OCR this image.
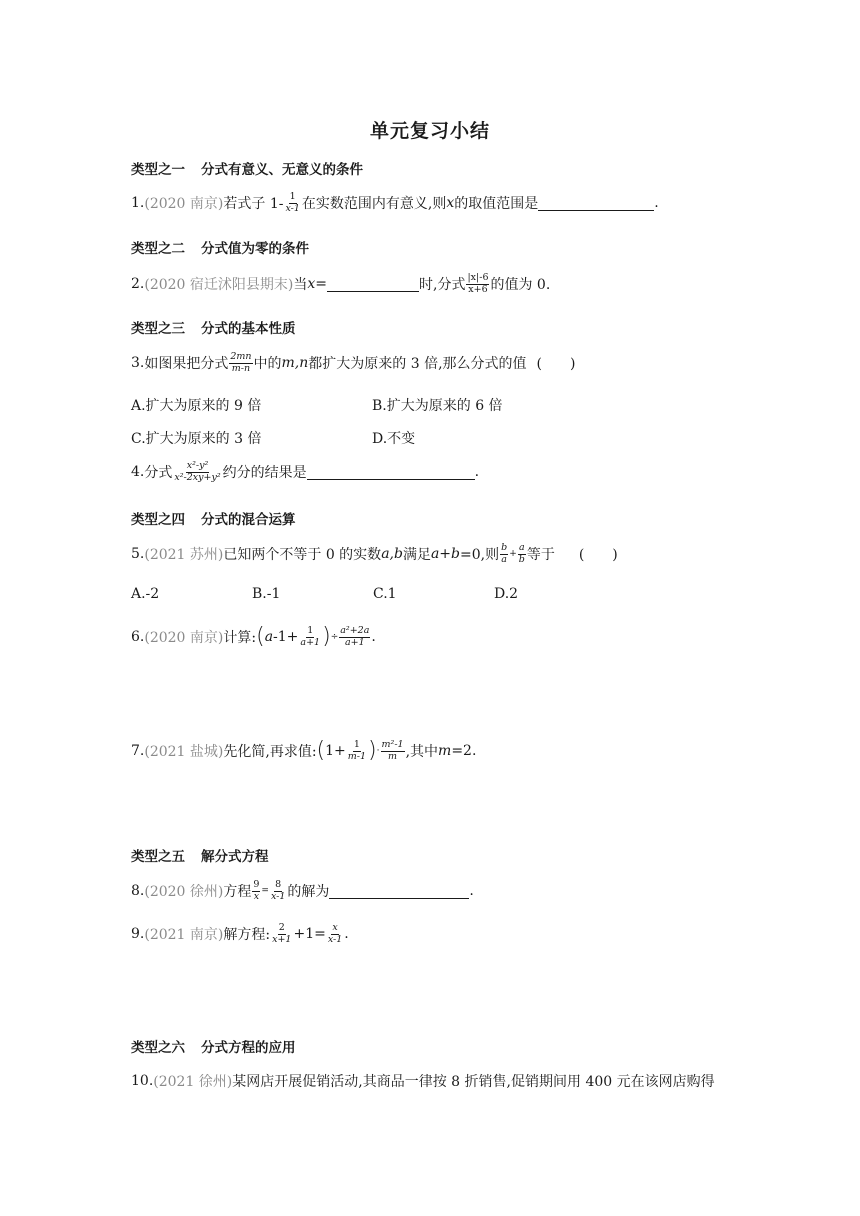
单元复习小结
类型之一 分式有意义、无意义的条件
1. (2020 南京) 若式子 $1- \frac{1}{x-1}$ 在实数范围内有意义,则 x 的取值范围是	.
类型之二 分式值为零的条件
2. (2020 宿迁沭阳县期末) 当 x =	时,分式 $\frac{|x|-6}{x+6}$ 的值为 0.
类型之三 分式的基本性质
3. 如图果把分式 $\frac{2mn}{m-n}$ 中的 m,n 都扩大为原来的 3 倍,那么分式的值 (　　)
A.扩大为原来的 9 倍	B.扩大为原来的 6 倍
C.扩大为原来的 3 倍	D.不变
4. 分式 $\frac{\text{x²-y²}}{\text{x²-2xy+y²}}$ 约分的结果是	.
类型之四 分式的混合运算
5. (2021 苏州) 已知两个不等于 0 的实数 a,b 满足 a+b =0,则 $\frac{b}{a} + \frac{a}{b}$ 等于 (　　)
A.-2	B.-1	C.1	D.2
6. (2020 南京) 计算: ( a $-1+ \frac{1}{a+1}$ ) ÷ $\frac{\text{a²+2a}}{a+1}$ .
7. (2021 盐城) 先化简,再求值: ( $1+ \frac{1}{m-1}$ ) · $\frac{\text{m²-1}}{m}$ ,其中 m =2.
类型之五 解分式方程
8. (2020 徐州) 方程 $\frac{9}{x} = \frac{8}{x-1}$ 的解为	.
9. (2021 南京) 解方程: $\frac{2}{x+1} +1= \frac{x}{x-1}$ .
类型之六 分式方程的应用
10. (2021 徐州) 某网店开展促销活动,其商品一律按 8 折销售,促销期间用 400 元在该网店购得
